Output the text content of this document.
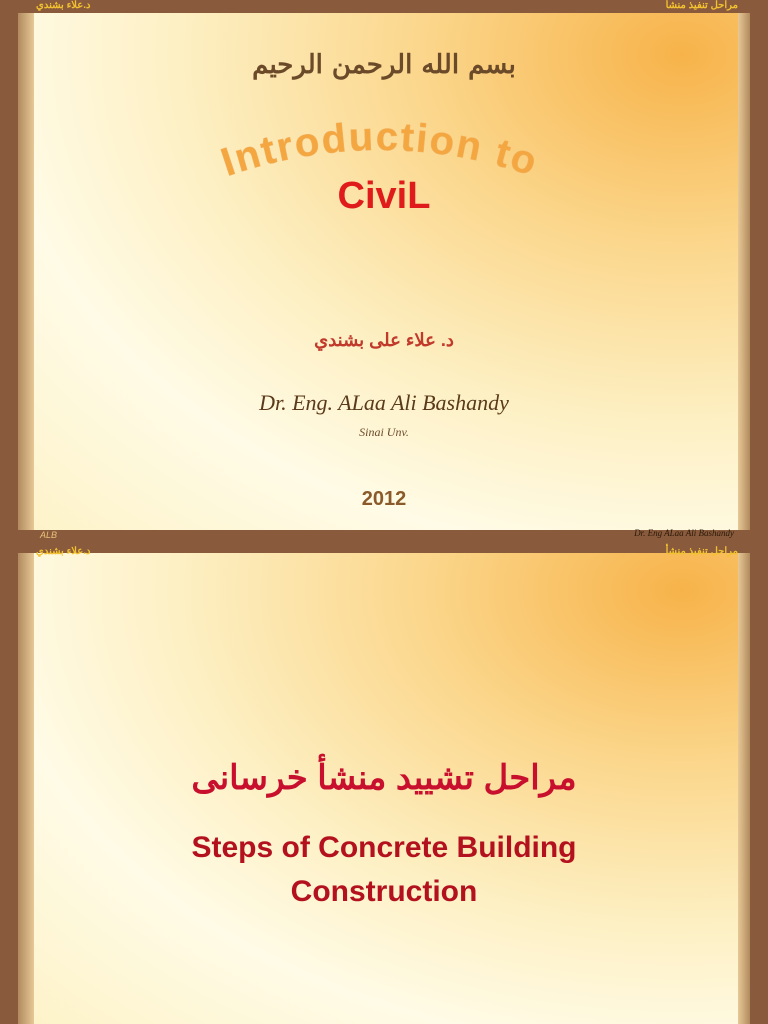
د.علاء بشندي	مراحل تنفيذ منشأ
بسم الله الرحمن الرحيم
Introduction to
CiviL
د. علاء على بشندي
Dr. Eng. ALaa Ali Bashandy
Sinai Unv.
2012
ALB	Dr. Eng ALaa Ali Bashandy
د.علاء بشندي	مراحل تنفيذ منشأ
مراحل تشييد منشأ خرسانى
Steps of Concrete Building
Construction
